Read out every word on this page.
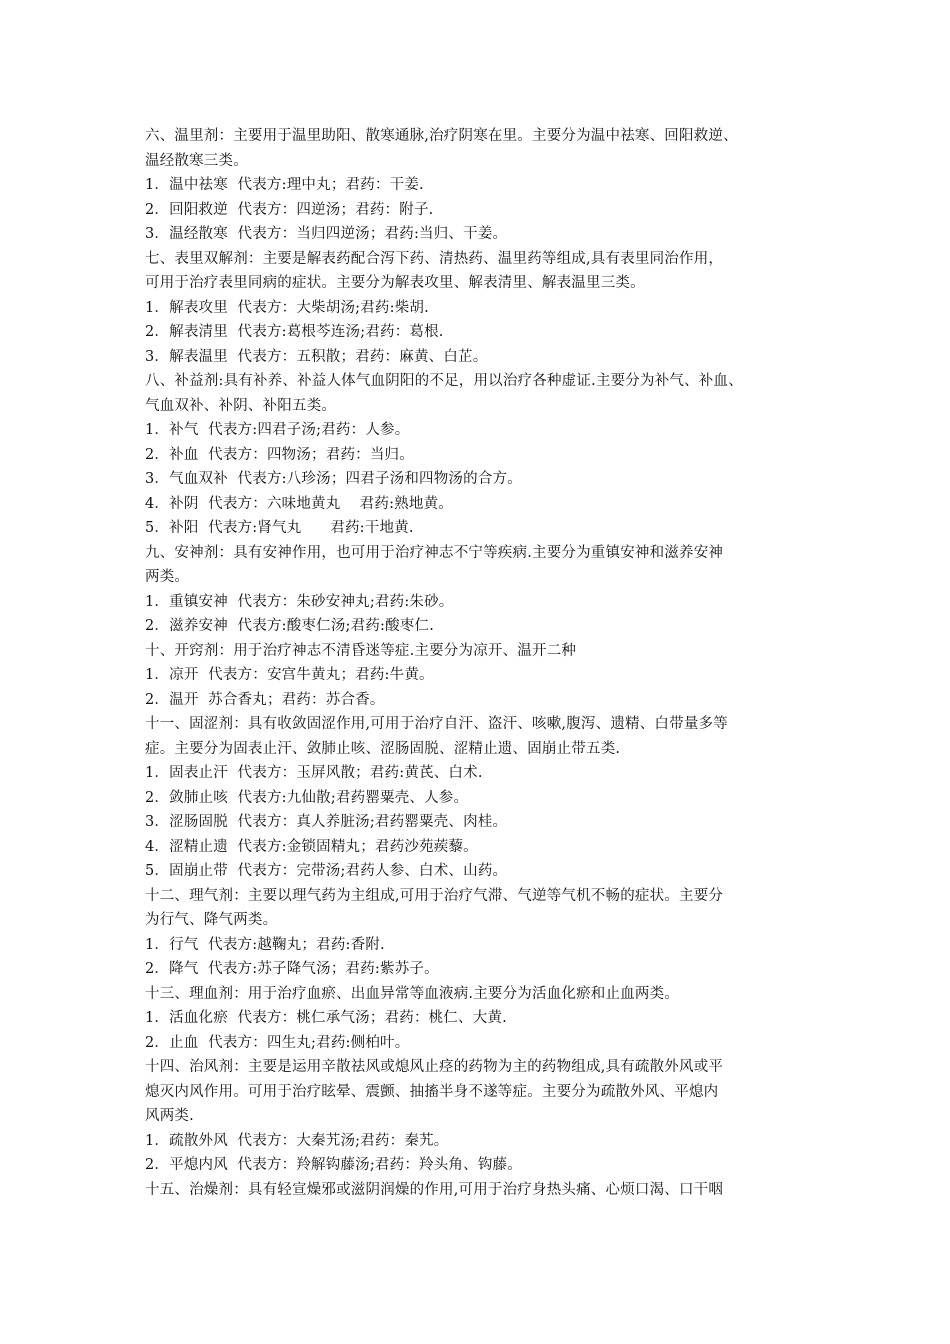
六、温里剂：主要用于温里助阳、散寒通脉,治疗阴寒在里。主要分为温中祛寒、回阳救逆、
温经散寒三类。
1．温中祛寒  代表方:理中丸；君药：干姜.
2．回阳救逆  代表方：四逆汤；君药：附子.
3．温经散寒  代表方：当归四逆汤；君药:当归、干姜。
七、表里双解剂：主要是解表药配合泻下药、清热药、温里药等组成,具有表里同治作用，
可用于治疗表里同病的症状。主要分为解表攻里、解表清里、解表温里三类。
1．解表攻里  代表方：大柴胡汤;君药:柴胡.
2．解表清里  代表方:葛根芩连汤;君药：葛根.
3．解表温里  代表方：五积散；君药：麻黄、白芷。
八、补益剂:具有补养、补益人体气血阴阳的不足，用以治疗各种虚证.主要分为补气、补血、
气血双补、补阴、补阳五类。
1．补气  代表方:四君子汤;君药：人参。
2．补血  代表方：四物汤；君药：当归。
3．气血双补  代表方:八珍汤；四君子汤和四物汤的合方。
4．补阴  代表方：六味地黄丸    君药:熟地黄。
5．补阳  代表方:肾气丸      君药:干地黄.
九、安神剂：具有安神作用，也可用于治疗神志不宁等疾病.主要分为重镇安神和滋养安神
两类。
1．重镇安神  代表方：朱砂安神丸;君药:朱砂。
2．滋养安神  代表方:酸枣仁汤;君药:酸枣仁.
十、开窍剂：用于治疗神志不清昏迷等症.主要分为凉开、温开二种
1．凉开  代表方：安宫牛黄丸；君药:牛黄。
2．温开  苏合香丸；君药：苏合香。
十一、固涩剂：具有收敛固涩作用,可用于治疗自汗、盗汗、咳嗽,腹泻、遗精、白带量多等
症。主要分为固表止汗、敛肺止咳、涩肠固脱、涩精止遗、固崩止带五类.
1．固表止汗  代表方：玉屏风散；君药:黄芪、白术.
2．敛肺止咳  代表方:九仙散;君药罂粟壳、人参。
3．涩肠固脱  代表方：真人养脏汤;君药罂粟壳、肉桂。
4．涩精止遗  代表方:金锁固精丸；君药沙苑蒺藜。
5．固崩止带  代表方：完带汤;君药人参、白术、山药。
十二、理气剂：主要以理气药为主组成,可用于治疗气滞、气逆等气机不畅的症状。主要分
为行气、降气两类。
1．行气  代表方:越鞠丸；君药:香附.
2．降气  代表方:苏子降气汤；君药:紫苏子。
十三、理血剂：用于治疗血瘀、出血异常等血液病.主要分为活血化瘀和止血两类。
1．活血化瘀  代表方：桃仁承气汤；君药：桃仁、大黄.
2．止血  代表方：四生丸;君药:侧柏叶。
十四、治风剂：主要是运用辛散祛风或熄风止痉的药物为主的药物组成,具有疏散外风或平
熄灭内风作用。可用于治疗眩晕、震颤、抽搐半身不遂等症。主要分为疏散外风、平熄内
风两类.
1．疏散外风  代表方：大秦艽汤;君药：秦艽。
2．平熄内风  代表方：羚解钩藤汤;君药：羚头角、钩藤。
十五、治燥剂：具有轻宣燥邪或滋阴润燥的作用,可用于治疗身热头痛、心烦口渴、口干咽
